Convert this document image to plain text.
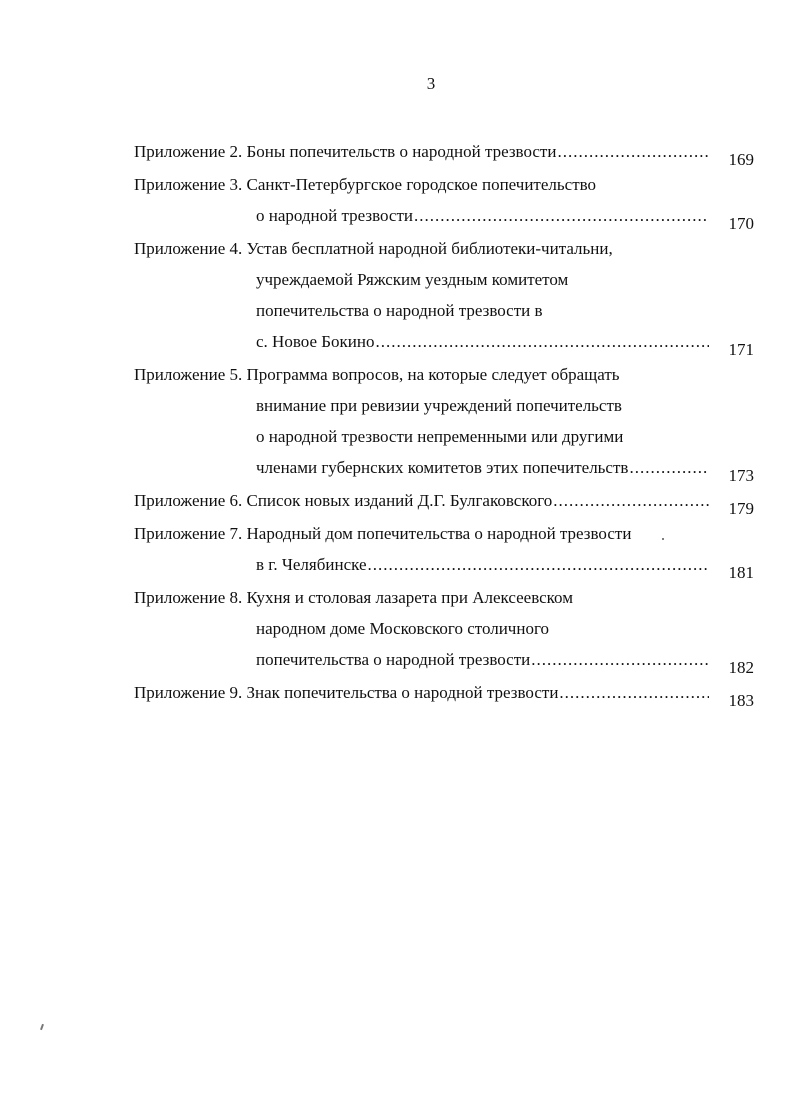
3
Приложение 2. Боны попечительств о народной трезвости .....	169
Приложение 3. Санкт-Петербургское городское попечительство
о народной трезвости .....	170
Приложение 4. Устав бесплатной народной библиотеки-читальни,
учреждаемой Ряжским уездным комитетом
попечительства о народной трезвости в
с. Новое Бокино .....	171
Приложение 5. Программа вопросов, на которые следует обращать
внимание при ревизии учреждений попечительств
о народной трезвости непременными или другими
членами губернских комитетов этих попечительств .....	173
Приложение 6. Список новых изданий Д.Г. Булгаковского .....	179
Приложение 7. Народный дом попечительства о народной трезвости
в г. Челябинске .....	181
Приложение 8. Кухня и столовая лазарета при Алексеевском
народном доме Московского столичного
попечительства о народной трезвости .....	182
Приложение 9. Знак попечительства о народной трезвости .....	183
